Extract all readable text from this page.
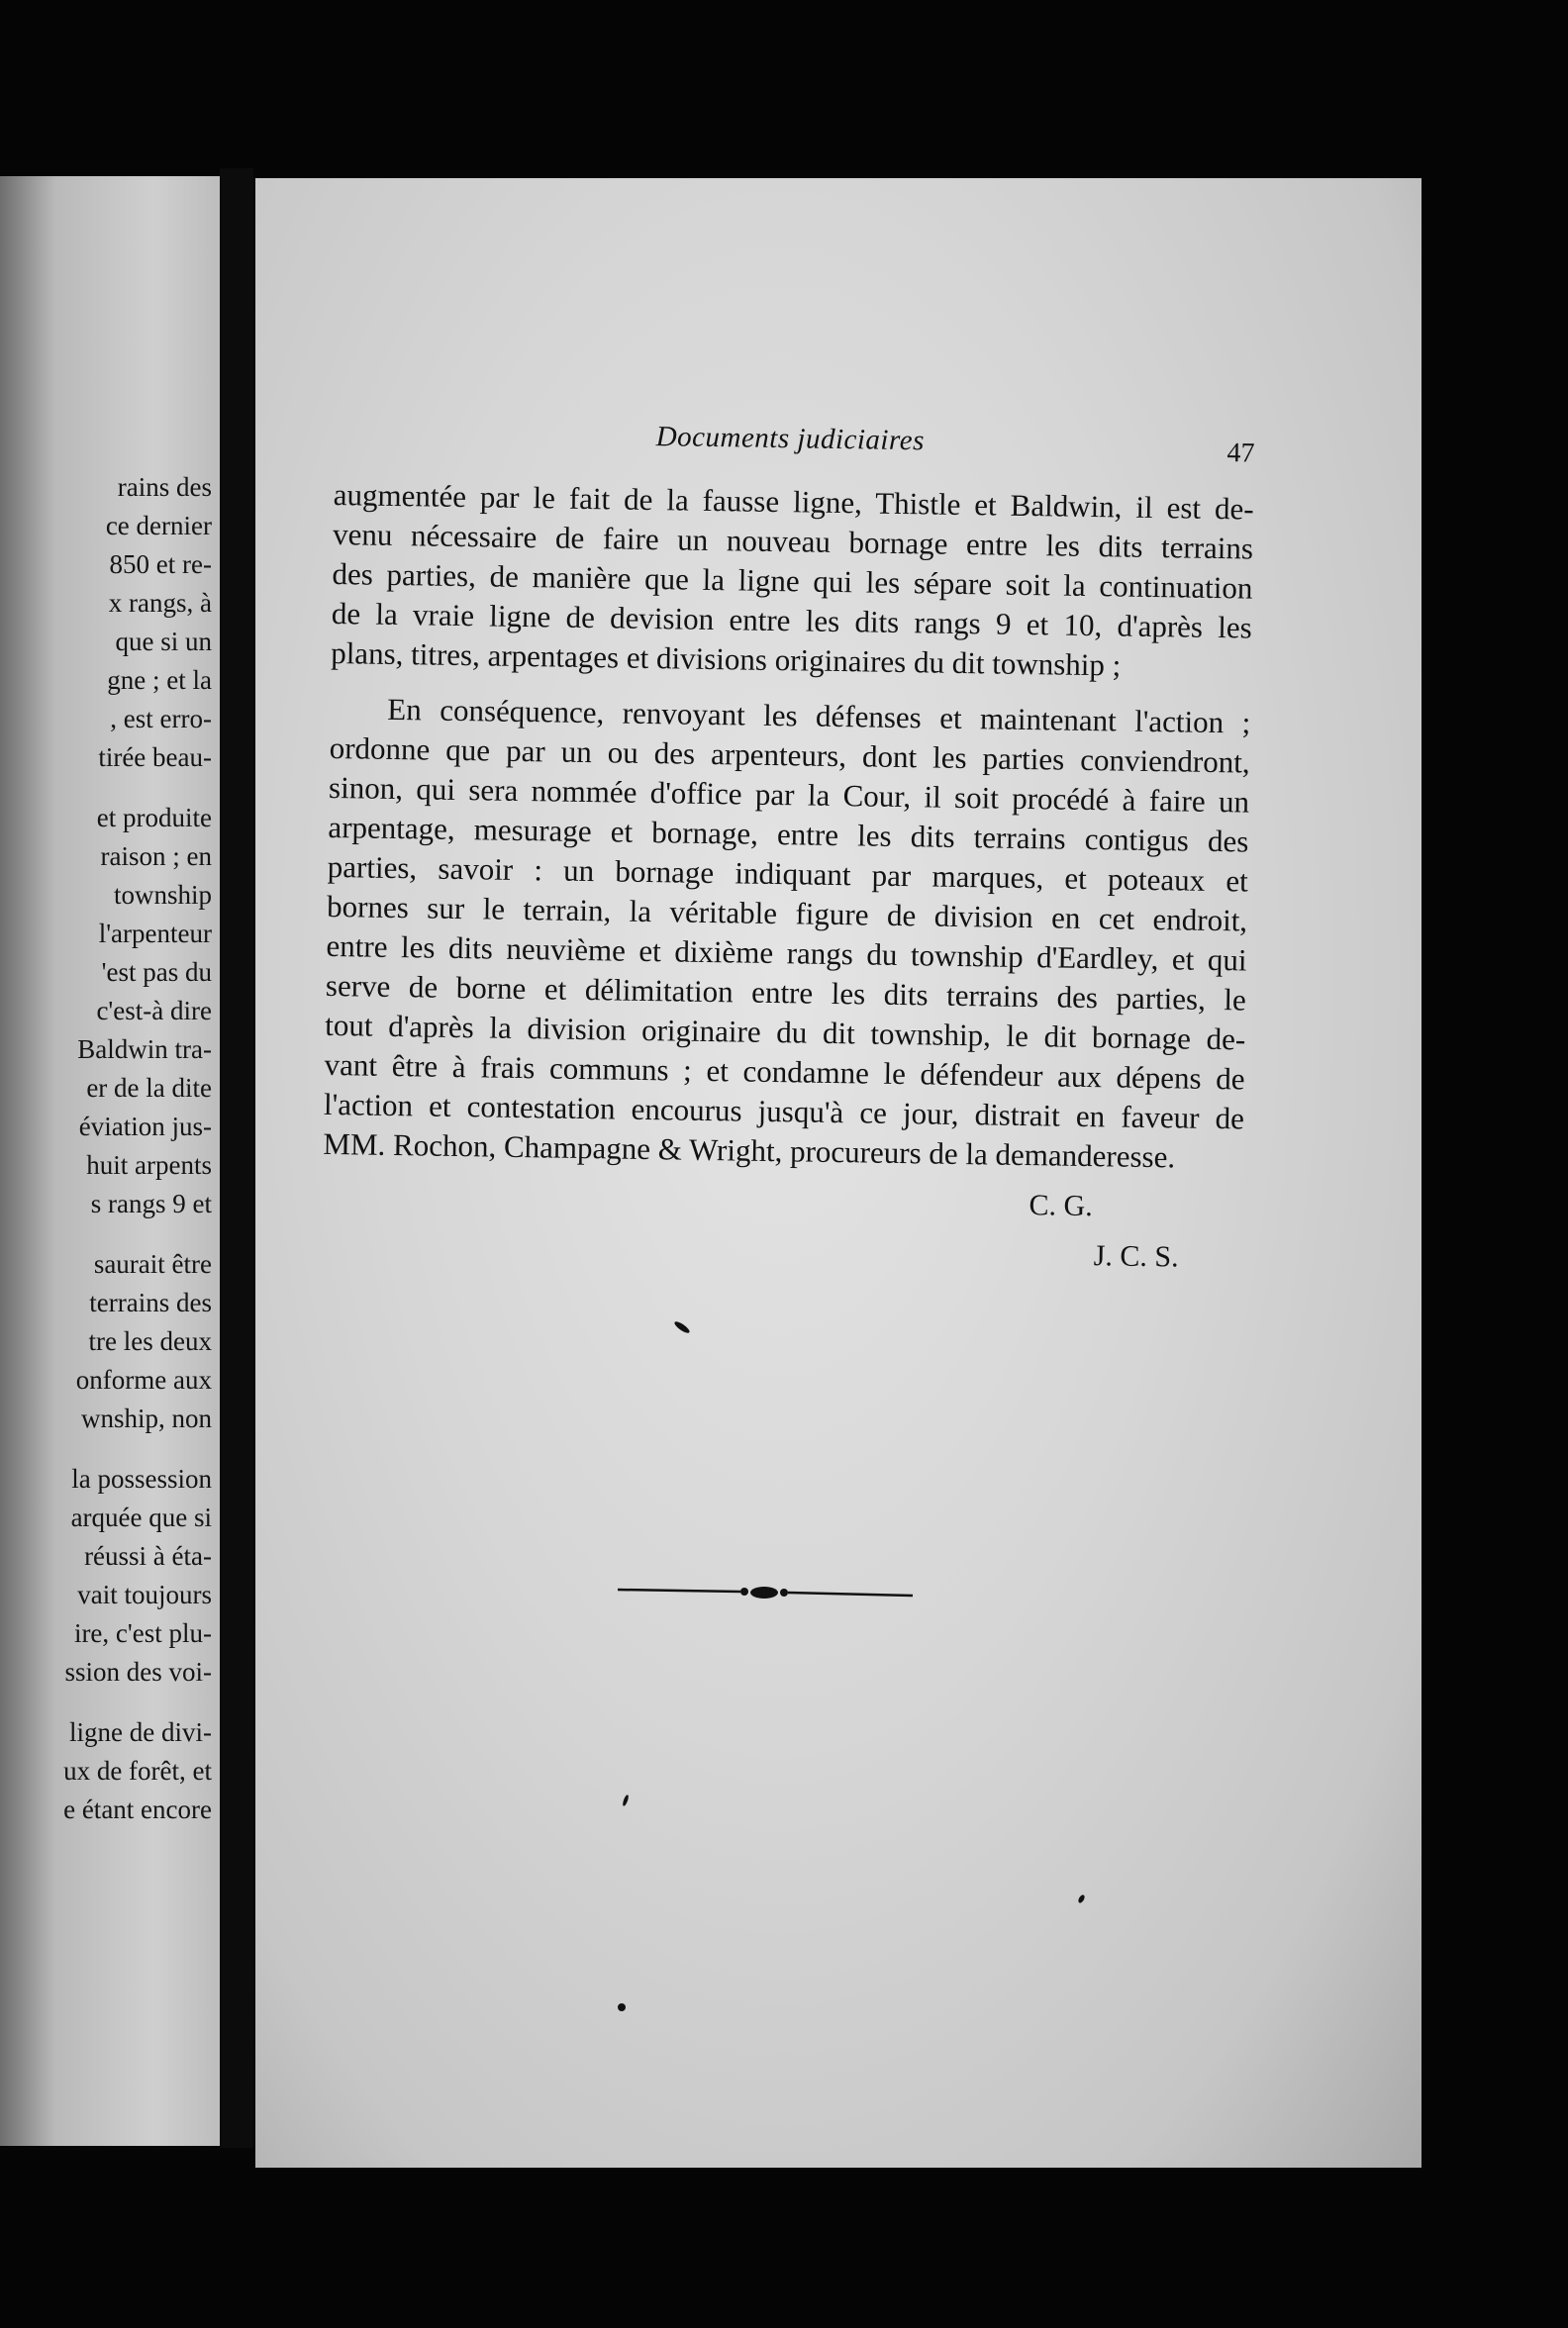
rains des
ce dernier
850 et re-
x rangs, à
que si un
gne ; et la
, est erro-
tirée beau-
et produite
raison ; en
township
l'arpenteur
'est pas du
c'est-à dire
Baldwin tra-
er de la dite
éviation jus-
huit arpents
s rangs 9 et
saurait être
terrains des
tre les deux
onforme aux
wnship, non
la possession
arquée que si
réussi à éta-
vait toujours
ire, c'est plu-
ssion des voi-
ligne de divi-
ux de forêt, et
e étant encore
Documents judiciaires	47

augmentée par le fait de la fausse ligne, Thistle et Baldwin, il est de-
venu nécessaire de faire un nouveau bornage entre les dits terrains
des parties, de manière que la ligne qui les sépare soit la continuation
de la vraie ligne de devision entre les dits rangs 9 et 10, d'après les
plans, titres, arpentages et divisions originaires du dit township ;

En conséquence, renvoyant les défenses et maintenant l'action ;
ordonne que par un ou des arpenteurs, dont les parties conviendront,
sinon, qui sera nommée d'office par la Cour, il soit procédé à faire un
arpentage, mesurage et bornage, entre les dits terrains contigus des
parties, savoir : un bornage indiquant par marques, et poteaux et
bornes sur le terrain, la véritable figure de division en cet endroit,
entre les dits neuvième et dixième rangs du township d'Eardley, et qui
serve de borne et délimitation entre les dits terrains des parties, le
tout d'après la division originaire du dit township, le dit bornage de-
vant être à frais communs ; et condamne le défendeur aux dépens de
l'action et contestation encourus jusqu'à ce jour, distrait en faveur de
MM. Rochon, Champagne & Wright, procureurs de la demanderesse.

C. G.
J. C. S.
